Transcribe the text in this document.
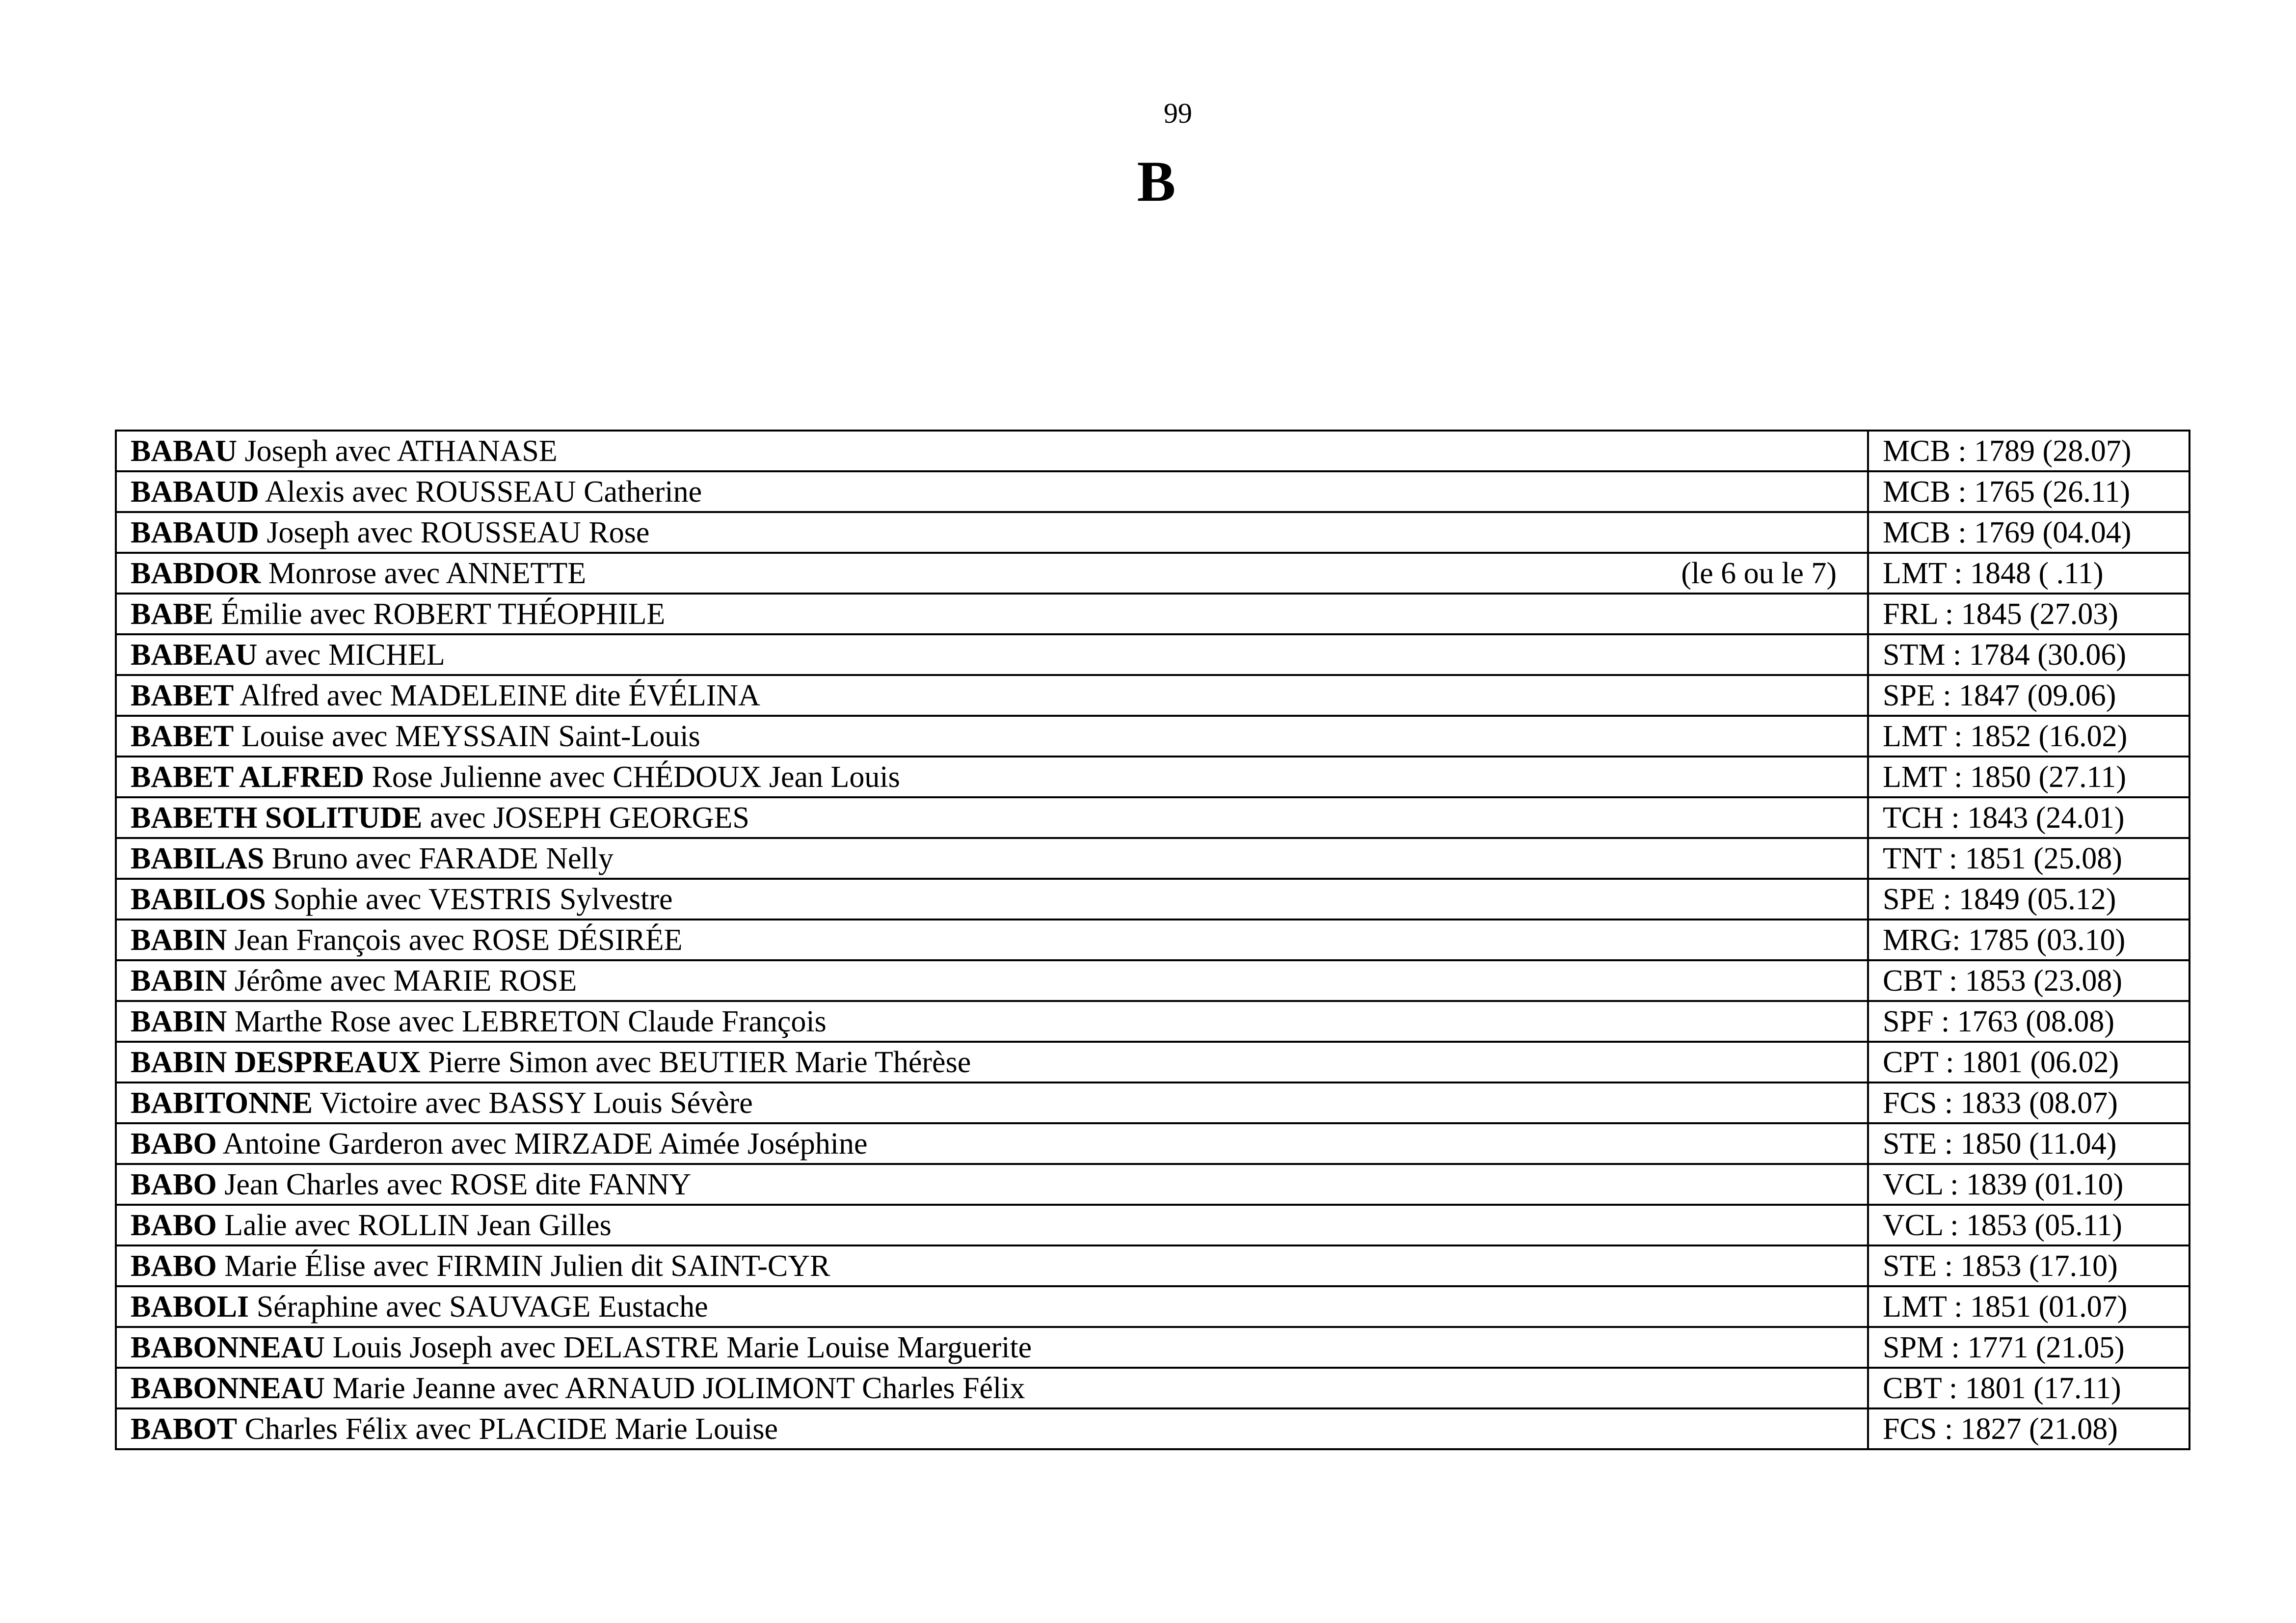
99
B
BABAU Joseph avec ATHANASE	MCB : 1789 (28.07)
BABAUD Alexis avec ROUSSEAU Catherine	MCB : 1765 (26.11)
BABAUD Joseph avec ROUSSEAU Rose	MCB : 1769 (04.04)
BABDOR Monrose avec ANNETTE (le 6 ou le 7)	LMT : 1848 ( .11)
BABE Émilie avec ROBERT THÉOPHILE	FRL : 1845 (27.03)
BABEAU avec MICHEL	STM : 1784 (30.06)
BABET Alfred avec MADELEINE dite ÉVÉLINA	SPE : 1847 (09.06)
BABET Louise avec MEYSSAIN Saint-Louis	LMT : 1852 (16.02)
BABET ALFRED Rose Julienne avec CHÉDOUX Jean Louis	LMT : 1850 (27.11)
BABETH SOLITUDE avec JOSEPH GEORGES	TCH : 1843 (24.01)
BABILAS Bruno avec FARADE Nelly	TNT : 1851 (25.08)
BABILOS Sophie avec VESTRIS Sylvestre	SPE : 1849 (05.12)
BABIN Jean François avec ROSE DÉSIRÉE	MRG: 1785 (03.10)
BABIN Jérôme avec MARIE ROSE	CBT : 1853 (23.08)
BABIN Marthe Rose avec LEBRETON Claude François	SPF : 1763 (08.08)
BABIN DESPREAUX Pierre Simon avec BEUTIER Marie Thérèse	CPT : 1801 (06.02)
BABITONNE Victoire avec BASSY Louis Sévère	FCS : 1833 (08.07)
BABO Antoine Garderon avec MIRZADE Aimée Joséphine	STE : 1850 (11.04)
BABO Jean Charles avec ROSE dite FANNY	VCL : 1839 (01.10)
BABO Lalie avec ROLLIN Jean Gilles	VCL : 1853 (05.11)
BABO Marie Élise avec FIRMIN Julien dit SAINT-CYR	STE : 1853 (17.10)
BABOLI Séraphine avec SAUVAGE Eustache	LMT : 1851 (01.07)
BABONNEAU Louis Joseph avec DELASTRE Marie Louise Marguerite	SPM : 1771 (21.05)
BABONNEAU Marie Jeanne avec ARNAUD JOLIMONT Charles Félix	CBT : 1801 (17.11)
BABOT Charles Félix avec PLACIDE Marie Louise	FCS : 1827 (21.08)
